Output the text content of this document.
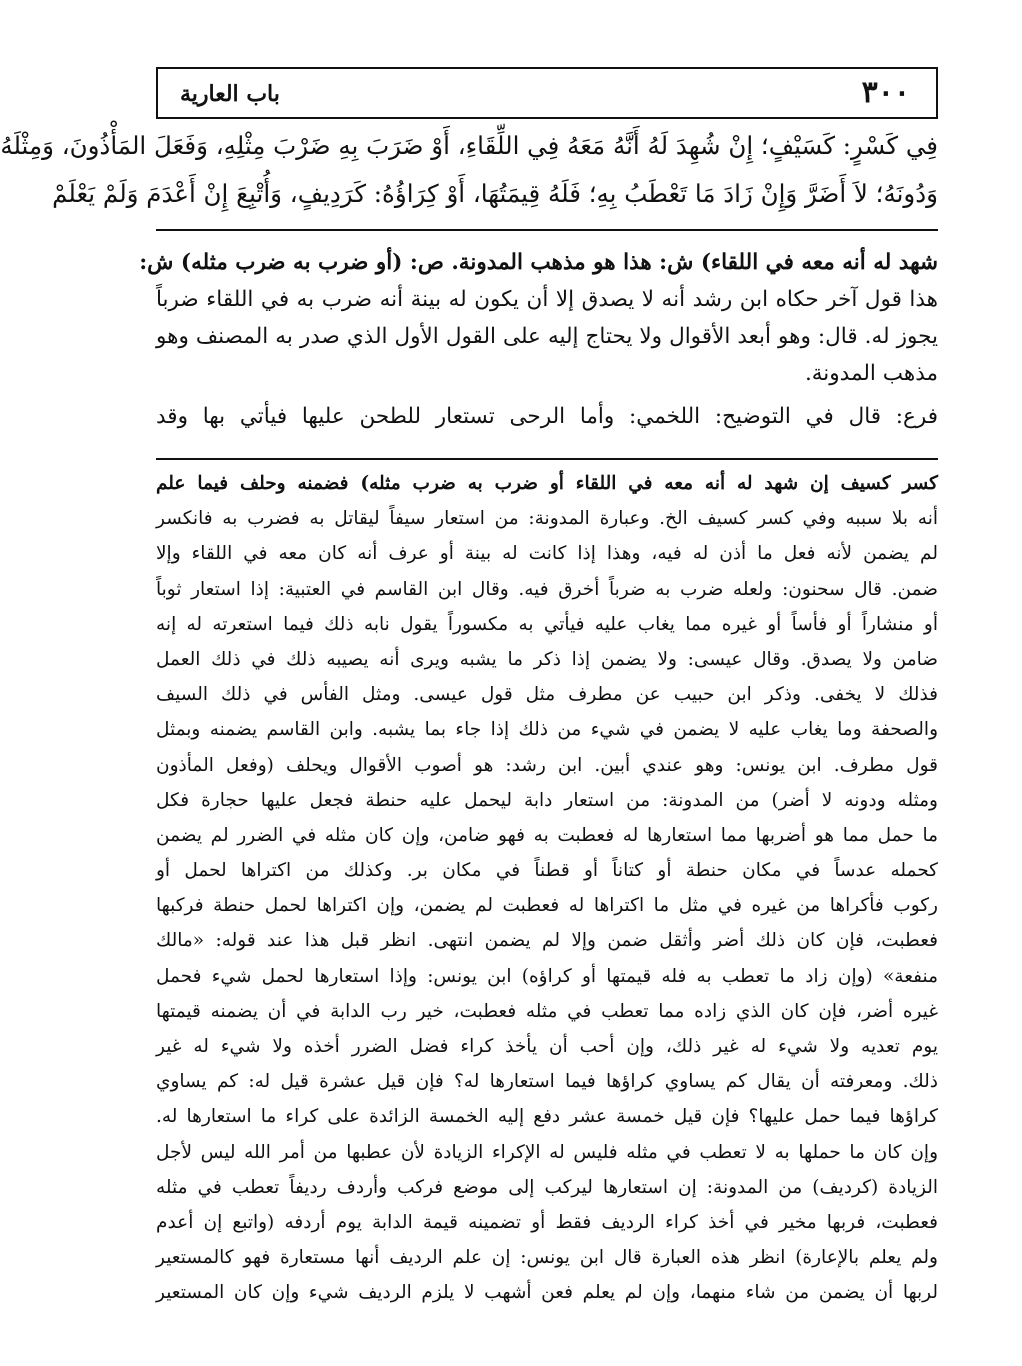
٣٠٠
باب العارية
فِي كَسْرٍ: كَسَيْفٍ؛ إِنْ شُهِدَ لَهُ أَنَّهُ مَعَهُ فِي اللِّقَاءِ، أَوْ ضَرَبَ بِهِ ضَرْبَ مِثْلِهِ، وَفَعَلَ المَأْذُونَ، وَمِثْلَهُ
وَدُونَهُ؛ لاَ أَضَرَّ وَإِنْ زَادَ مَا تَعْطَبُ بِهِ؛ فَلَهُ قِيمَتُهَا، أَوْ كِرَاؤُهُ: كَرَدِيفٍ، وَأُتْبِعَ إِنْ أَعْدَمَ وَلَمْ يَعْلَمْ
شهد له أنه معه في اللقاء) ش: هذا هو مذهب المدونة. ص: (أو ضرب به ضرب مثله) ش:
هذا قول آخر حكاه ابن رشد أنه لا يصدق إلا أن يكون له بينة أنه ضرب به في اللقاء ضرباً
يجوز له. قال: وهو أبعد الأقوال ولا يحتاج إليه على القول الأول الذي صدر به المصنف وهو
مذهب المدونة.
فرع: قال في التوضيح: اللخمي: وأما الرحى تستعار للطحن عليها فيأتي بها وقد
كسر كسيف إن شهد له أنه معه في اللقاء أو ضرب به ضرب مثله) فضمنه وحلف فيما علم
أنه بلا سببه وفي كسر كسيف الخ. وعبارة المدونة: من استعار سيفاً ليقاتل به فضرب به فانكسر
لم يضمن لأنه فعل ما أذن له فيه، وهذا إذا كانت له بينة أو عرف أنه كان معه في اللقاء وإلا
ضمن. قال سحنون: ولعله ضرب به ضرباً أخرق فيه. وقال ابن القاسم في العتبية: إذا استعار ثوباً
أو منشاراً أو فأساً أو غيره مما يغاب عليه فيأتي به مكسوراً يقول نابه ذلك فيما استعرته له إنه
ضامن ولا يصدق. وقال عيسى: ولا يضمن إذا ذكر ما يشبه ويرى أنه يصيبه ذلك في ذلك العمل
فذلك لا يخفى. وذكر ابن حبيب عن مطرف مثل قول عيسى. ومثل الفأس في ذلك السيف
والصحفة وما يغاب عليه لا يضمن في شيء من ذلك إذا جاء بما يشبه. وابن القاسم يضمنه وبمثل
قول مطرف. ابن يونس: وهو عندي أبين. ابن رشد: هو أصوب الأقوال ويحلف (وفعل المأذون
ومثله ودونه لا أضر) من المدونة: من استعار دابة ليحمل عليه حنطة فجعل عليها حجارة فكل
ما حمل مما هو أضربها مما استعارها له فعطبت به فهو ضامن، وإن كان مثله في الضرر لم يضمن
كحمله عدساً في مكان حنطة أو كتاناً أو قطناً في مكان بر. وكذلك من اكتراها لحمل أو
ركوب فأكراها من غيره في مثل ما اكتراها له فعطبت لم يضمن، وإن اكتراها لحمل حنطة فركبها
فعطبت، فإن كان ذلك أضر وأثقل ضمن وإلا لم يضمن انتهى. انظر قبل هذا عند قوله: «مالك
منفعة» (وإن زاد ما تعطب به فله قيمتها أو كراؤه) ابن يونس: وإذا استعارها لحمل شيء فحمل
غيره أضر، فإن كان الذي زاده مما تعطب في مثله فعطبت، خير رب الدابة في أن يضمنه قيمتها
يوم تعديه ولا شيء له غير ذلك، وإن أحب أن يأخذ كراء فضل الضرر أخذه ولا شيء له غير
ذلك. ومعرفته أن يقال كم يساوي كراؤها فيما استعارها له؟ فإن قيل عشرة قيل له: كم يساوي
كراؤها فيما حمل عليها؟ فإن قيل خمسة عشر دفع إليه الخمسة الزائدة على كراء ما استعارها له.
وإن كان ما حملها به لا تعطب في مثله فليس له الإكراء الزيادة لأن عطبها من أمر الله ليس لأجل
الزيادة (كرديف) من المدونة: إن استعارها ليركب إلى موضع فركب وأردف رديفاً تعطب في مثله
فعطبت، فربها مخير في أخذ كراء الرديف فقط أو تضمينه قيمة الدابة يوم أردفه (واتبع إن أعدم
ولم يعلم بالإعارة) انظر هذه العبارة قال ابن يونس: إن علم الرديف أنها مستعارة فهو كالمستعير
لربها أن يضمن من شاء منهما، وإن لم يعلم فعن أشهب لا يلزم الرديف شيء وإن كان المستعير
